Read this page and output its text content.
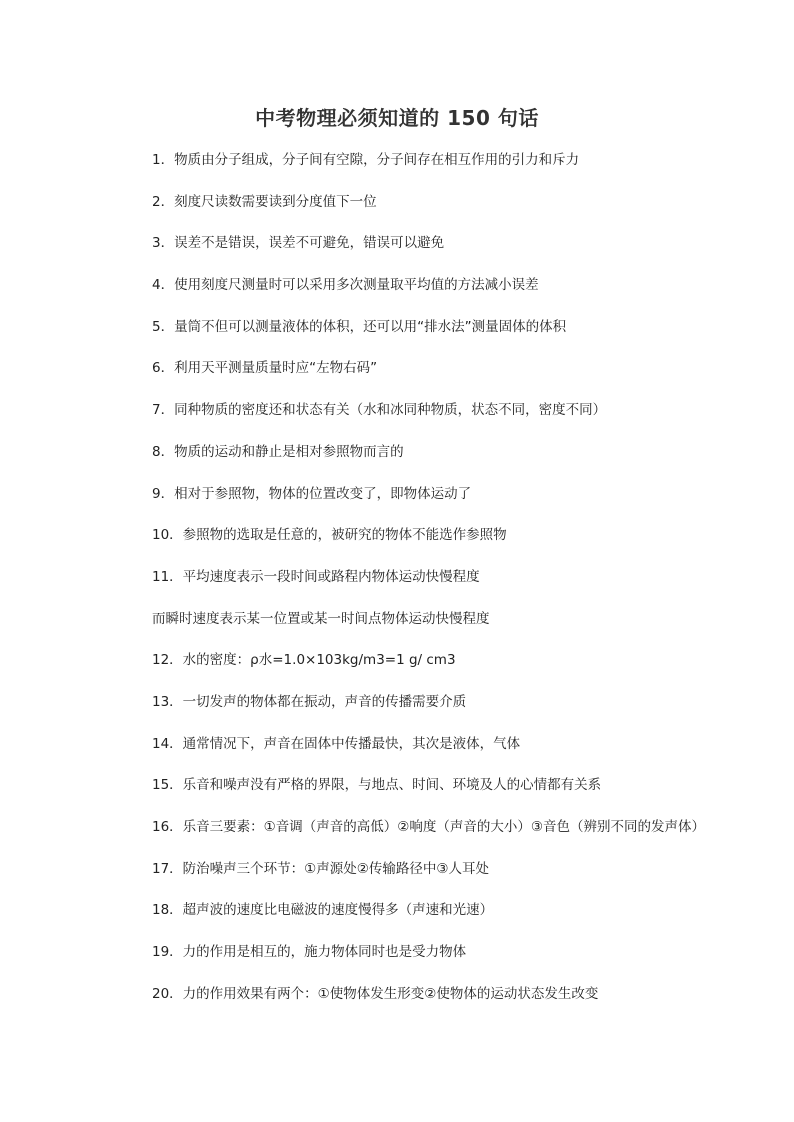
中考物理必须知道的 150 句话
1．物质由分子组成，分子间有空隙，分子间存在相互作用的引力和斥力
2．刻度尺读数需要读到分度值下一位
3．误差不是错误，误差不可避免，错误可以避免
4．使用刻度尺测量时可以采用多次测量取平均值的方法减小误差
5．量筒不但可以测量液体的体积，还可以用“排水法”测量固体的体积
6．利用天平测量质量时应“左物右码”
7．同种物质的密度还和状态有关（水和冰同种物质，状态不同，密度不同）
8．物质的运动和静止是相对参照物而言的
9．相对于参照物，物体的位置改变了，即物体运动了
10．参照物的选取是任意的，被研究的物体不能选作参照物
11．平均速度表示一段时间或路程内物体运动快慢程度
而瞬时速度表示某一位置或某一时间点物体运动快慢程度
12．水的密度：ρ水=1.0×103kg/m3=1 g/ cm3
13．一切发声的物体都在振动，声音的传播需要介质
14．通常情况下，声音在固体中传播最快，其次是液体，气体
15．乐音和噪声没有严格的界限，与地点、时间、环境及人的心情都有关系
16．乐音三要素：①音调（声音的高低）②响度（声音的大小）③音色（辨别不同的发声体）
17．防治噪声三个环节：①声源处②传输路径中③人耳处
18．超声波的速度比电磁波的速度慢得多（声速和光速）
19．力的作用是相互的，施力物体同时也是受力物体
20．力的作用效果有两个：①使物体发生形变②使物体的运动状态发生改变
